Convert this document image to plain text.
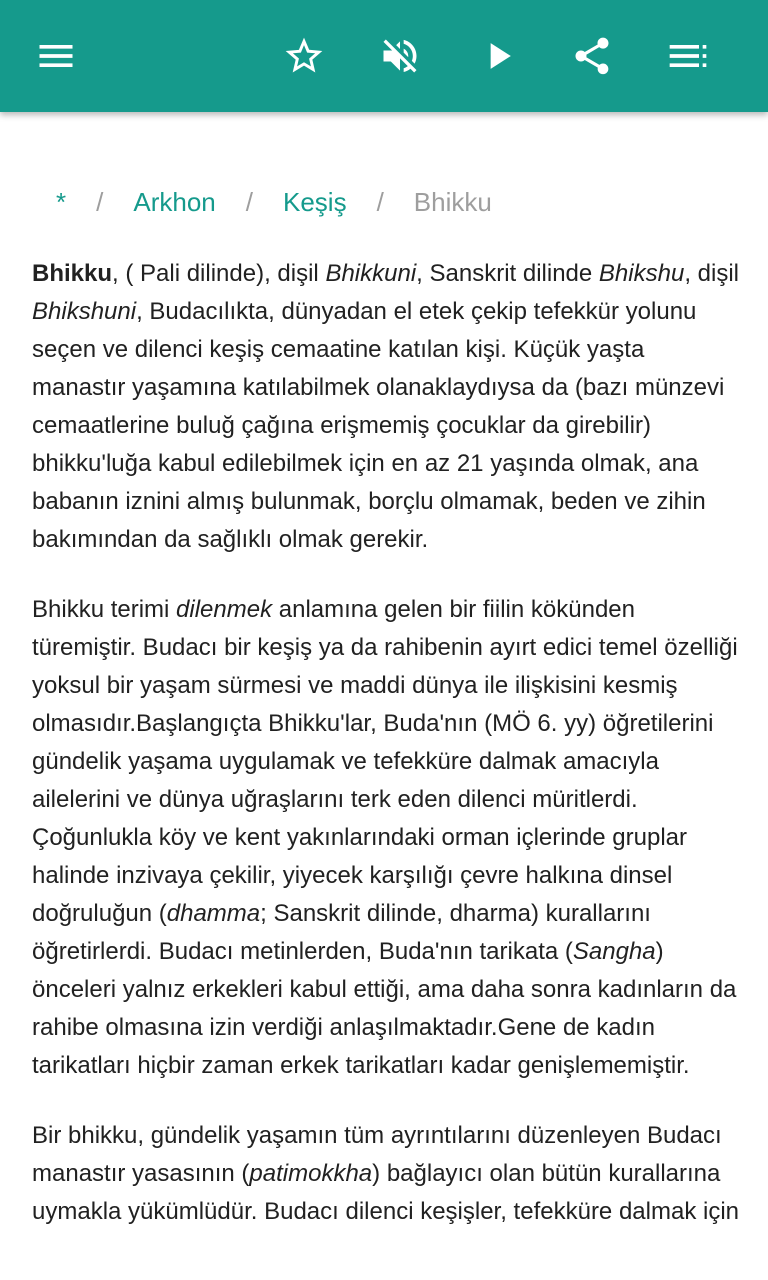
* / Arkhon / Keşiş / Bhikku

Bhikku, ( Pali dilinde), dişil Bhikkuni, Sanskrit dilinde Bhikshu, dişil Bhikshuni, Budacılıkta, dünyadan el etek çekip tefekkür yolunu seçen ve dilenci keşiş cemaatine katılan kişi. Küçük yaşta manastır yaşamına katılabilmek olanaklaydıysa da (bazı münzevi cemaatlerine buluğ çağına erişmemiş çocuklar da girebilir) bhikku'luğa kabul edilebilmek için en az 21 yaşında olmak, ana babanın iznini almış bulunmak, borçlu olmamak, beden ve zihin bakımından da sağlıklı olmak gerekir.

Bhikku terimi dilenmek anlamına gelen bir fiilin kökünden türemiştir. Budacı bir keşiş ya da rahibenin ayırt edici temel özelliği yoksul bir yaşam sürmesi ve maddi dünya ile ilişkisini kesmiş olmasıdır.Başlangıçta Bhikku'lar, Buda'nın (MÖ 6. yy) öğretilerini gündelik yaşama uygulamak ve tefekküre dalmak amacıyla ailelerini ve dünya uğraşlarını terk eden dilenci müritlerdi. Çoğunlukla köy ve kent yakınlarındaki orman içlerinde gruplar halinde inzivaya çekilir, yiyecek karşılığı çevre halkına dinsel doğruluğun (dhamma; Sanskrit dilinde, dharma) kurallarını öğretirlerdi. Budacı metinlerden, Buda'nın tarikata (Sangha) önceleri yalnız erkekleri kabul ettiği, ama daha sonra kadınların da rahibe olmasına izin verdiği anlaşılmaktadır.Gene de kadın tarikatları hiçbir zaman erkek tarikatları kadar genişlememiştir.

Bir bhikku, gündelik yaşamın tüm ayrıntılarını düzenleyen Budacı manastır yasasının (patimokkha) bağlayıcı olan bütün kurallarına uymakla yükümlüdür. Budacı dilenci keşişler, tefekküre dalmak için
